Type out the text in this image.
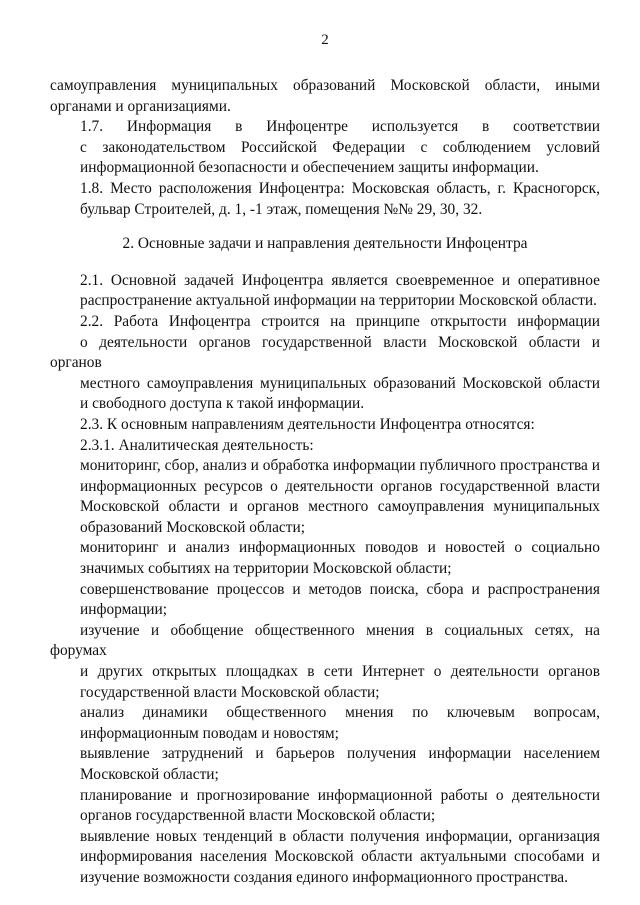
2

самоуправления муниципальных образований Московской области, иными
органами и организациями.

1.7. Информация в Инфоцентре используется в соответствии
с законодательством Российской Федерации с соблюдением условий
информационной безопасности и обеспечением защиты информации.

1.8. Место расположения Инфоцентра: Московская область, г. Красногорск,
бульвар Строителей, д. 1, -1 этаж, помещения №№ 29, 30, 32.

2. Основные задачи и направления деятельности Инфоцентра

2.1. Основной задачей Инфоцентра является своевременное и оперативное
распространение актуальной информации на территории Московской области.

2.2. Работа Инфоцентра строится на принципе открытости информации
о деятельности органов государственной власти Московской области и органов
местного самоуправления муниципальных образований Московской области
и свободного доступа к такой информации.

2.3. К основным направлениям деятельности Инфоцентра относятся:

2.3.1. Аналитическая деятельность:

мониторинг, сбор, анализ и обработка информации публичного пространства и
информационных ресурсов о деятельности органов государственной власти
Московской области и органов местного самоуправления муниципальных
образований Московской области;

мониторинг и анализ информационных поводов и новостей о социально
значимых событиях на территории Московской области;

совершенствование процессов и методов поиска, сбора и распространения
информации;

изучение и обобщение общественного мнения в социальных сетях, на форумах
и других открытых площадках в сети Интернет о деятельности органов
государственной власти Московской области;

анализ динамики общественного мнения по ключевым вопросам,
информационным поводам и новостям;

выявление затруднений и барьеров получения информации населением
Московской области;

планирование и прогнозирование информационной работы о деятельности
органов государственной власти Московской области;

выявление новых тенденций в области получения информации, организация
информирования населения Московской области актуальными способами и
изучение возможности создания единого информационного пространства.
